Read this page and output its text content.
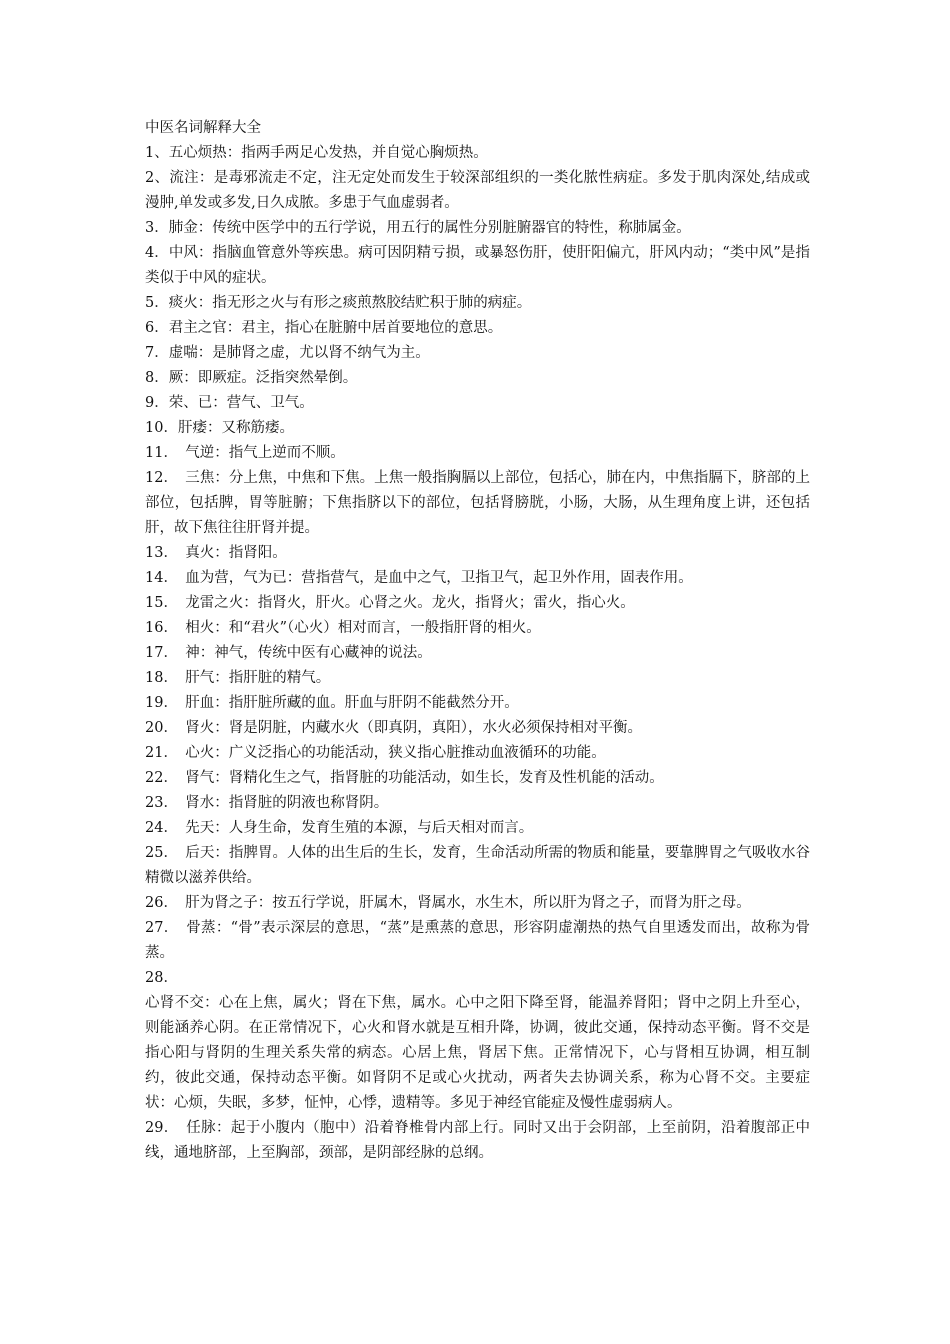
中医名词解释大全

1、五心烦热：指两手两足心发热，并自觉心胸烦热。

2、流注：是毒邪流走不定，注无定处而发生于较深部组织的一类化脓性病症。多发于肌肉深处,结成或漫肿,单发或多发,日久成脓。多患于气血虚弱者。

3．肺金：传统中医学中的五行学说，用五行的属性分别脏腑器官的特性，称肺属金。

4．中风：指脑血管意外等疾患。病可因阴精亏损，或暴怒伤肝，使肝阳偏亢，肝风内动；“类中风”是指类似于中风的症状。

5．痰火：指无形之火与有形之痰煎熬胶结贮积于肺的病症。

6．君主之官：君主，指心在脏腑中居首要地位的意思。

7．虚喘：是肺肾之虚，尤以肾不纳气为主。

8．厥：即厥症。泛指突然晕倒。

9．荣、已：营气、卫气。

10．肝痿：又称筋痿。

11．　气逆：指气上逆而不顺。

12．　三焦：分上焦，中焦和下焦。上焦一般指胸膈以上部位，包括心，肺在内，中焦指膈下，脐部的上部位，包括脾，胃等脏腑；下焦指脐以下的部位，包括肾膀胱，小肠，大肠，从生理角度上讲，还包括肝，故下焦往往肝肾并提。

13．　真火：指肾阳。

14．　血为营，气为已：营指营气，是血中之气，卫指卫气，起卫外作用，固表作用。

15．　龙雷之火：指肾火，肝火。心肾之火。龙火，指肾火；雷火，指心火。

16．　相火：和“君火”（心火）相对而言，一般指肝肾的相火。

17．　神：神气，传统中医有心藏神的说法。

18．　肝气：指肝脏的精气。

19．　肝血：指肝脏所藏的血。肝血与肝阴不能截然分开。

20．　肾火：肾是阴脏，内藏水火（即真阴，真阳），水火必须保持相对平衡。

21．　心火：广义泛指心的功能活动，狭义指心脏推动血液循环的功能。

22．　肾气：肾精化生之气，指肾脏的功能活动，如生长，发育及性机能的活动。

23．　肾水：指肾脏的阴液也称肾阴。

24．　先天：人身生命，发育生殖的本源，与后天相对而言。

25．　后天：指脾胃。人体的出生后的生长，发育，生命活动所需的物质和能量，要靠脾胃之气吸收水谷精微以滋养供给。

26．　肝为肾之子：按五行学说，肝属木，肾属水，水生木，所以肝为肾之子，而肾为肝之母。

27．　骨蒸：“骨”表示深层的意思，“蒸”是熏蒸的意思，形容阴虚潮热的热气自里透发而出，故称为骨蒸。

28．

心肾不交：心在上焦，属火；肾在下焦，属水。心中之阳下降至肾，能温养肾阳；肾中之阴上升至心，则能涵养心阴。在正常情况下，心火和肾水就是互相升降，协调，彼此交通，保持动态平衡。肾不交是指心阳与肾阴的生理关系失常的病态。心居上焦，肾居下焦。正常情况下，心与肾相互协调，相互制约，彼此交通，保持动态平衡。如肾阴不足或心火扰动，两者失去协调关系，称为心肾不交。主要症状：心烦，失眠，多梦，怔忡，心悸，遗精等。多见于神经官能症及慢性虚弱病人。

29．　任脉：起于小腹内（胞中）沿着脊椎骨内部上行。同时又出于会阴部，上至前阴，沿着腹部正中线，通地脐部，上至胸部，颈部，是阴部经脉的总纲。
